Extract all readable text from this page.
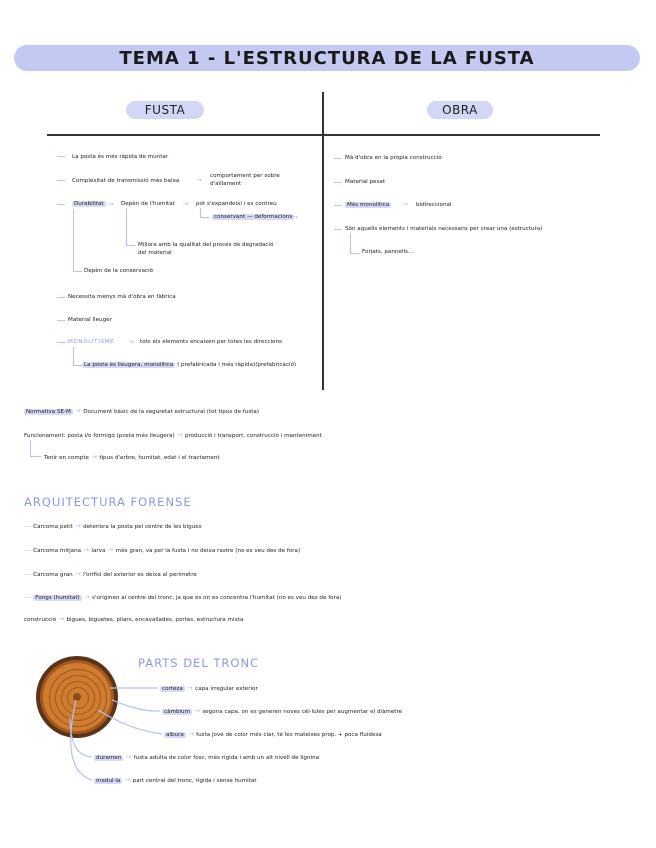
TEMA 1 - L'ESTRUCTURA DE LA FUSTA
FUSTA	OBRA
La posta és més ràpida de muntar
Complexitat de transmissió més baixa → comportament per sobre
d'aïllament
Durabilitat → Depèn de l'humitat → pot s'expandeixi i es contreu
conservant — deformacions →
Millora amb la qualitat del procés de degradació
del material
Depèn de la conservació
Necessita menys mà d'obra en fàbrica
Material lleuger
MONOLITISME → tots els elements encaixen per totes les direccions
La posta és lleugera, monolítica ( prefabricada i més ràpida)(prefabricació)
Mà d'obra en la pròpia construcció
Material pesat
Més monolítica → bidireccional
Són aquells elements i materials necessaris per crear una (estructura)
Forjats, pannells...
Normativa SE-M → Document bàsic de la seguretat estructural (tot tipus de fusta)
Funcionament: posta i/o formigó (posta més lleugera) → producció i transport, construcció i manteniment
Tenir en compte → tipus d'arbre, humitat, edat i el tractament
ARQUITECTURA FORENSE
— Carcoma petit → deteriora la posta pel centre de les bigues
— Carcoma mitjana → larva → més gran, va per la fusta i no deixa rastre (no es veu des de fora)
— Carcoma gran → l'orifici del exterior es deixa al perímetre
— Fongs (humitat) → s'originen al centre del tronc, ja que és on es concentra l'humitat (no es veu des de fora)
construcció → bigues, biguetes, pilars, encavallades, portes, estructura mixta
PARTS DEL TRONC
corteza → capa irregular exterior
càmbium → segona capa, on es generen noves cèl·lules per augmentar el diàmetre
albura → fusta jove de color més clar, té les mateixes prop. + poca fluïdesa
duramen → fusta adulta de color fosc, més rígida i amb un alt nivell de lignina
medul·la → part central del tronc, rígida i sense humitat
